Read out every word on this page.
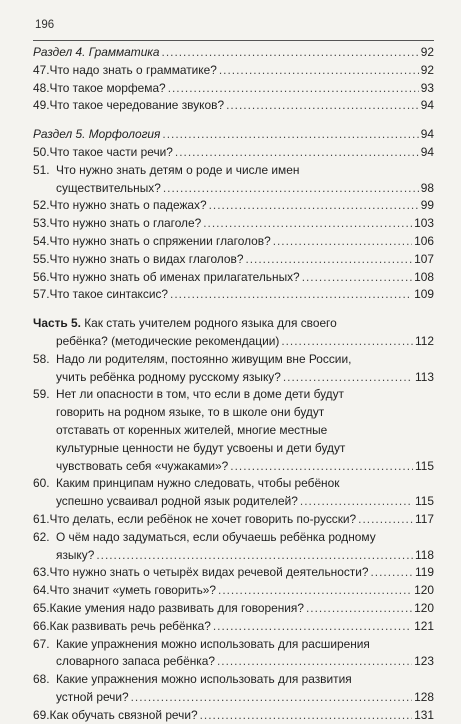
196
Раздел 4. Грамматика .....	92
47. Что надо знать о грамматике? .....	92
48. Что такое морфема? .....	93
49. Что такое чередование звуков? .....	94
Раздел 5. Морфология .....	94
50. Что такое части речи? .....	94
51. Что нужно знать детям о роде и числе имен
существительных? .....	98
52. Что нужно знать о падежах? .....	99
53. Что нужно знать о глаголе? .....	103
54. Что нужно знать о спряжении глаголов? .....	106
55. Что нужно знать о видах глаголов? .....	107
56. Что нужно знать об именах прилагательных? .....	108
57. Что такое синтаксис? .....	109
Часть 5. Как стать учителем родного языка для своего
ребёнка? (методические рекомендации) .....	112
58. Надо ли родителям, постоянно живущим вне России,
учить ребёнка родному русскому языку? .....	113
59. Нет ли опасности в том, что если в доме дети будут
говорить на родном языке, то в школе они будут
отставать от коренных жителей, многие местные
культурные ценности не будут усвоены и дети будут
чувствовать себя «чужаками»? .....	115
60. Каким принципам нужно следовать, чтобы ребёнок
успешно усваивал родной язык родителей? .....	115
61. Что делать, если ребёнок не хочет говорить по-русски? .....	117
62. О чём надо задуматься, если обучаешь ребёнка родному
языку? .....	118
63. Что нужно знать о четырёх видах речевой деятельности? .....	119
64. Что значит «уметь говорить»? .....	120
65. Какие умения надо развивать для говорения? .....	120
66. Как развивать речь ребёнка? .....	121
67. Какие упражнения можно использовать для расширения
словарного запаса ребёнка? .....	123
68. Какие упражнения можно использовать для развития
устной речи? .....	128
69. Как обучать связной речи? .....	131
